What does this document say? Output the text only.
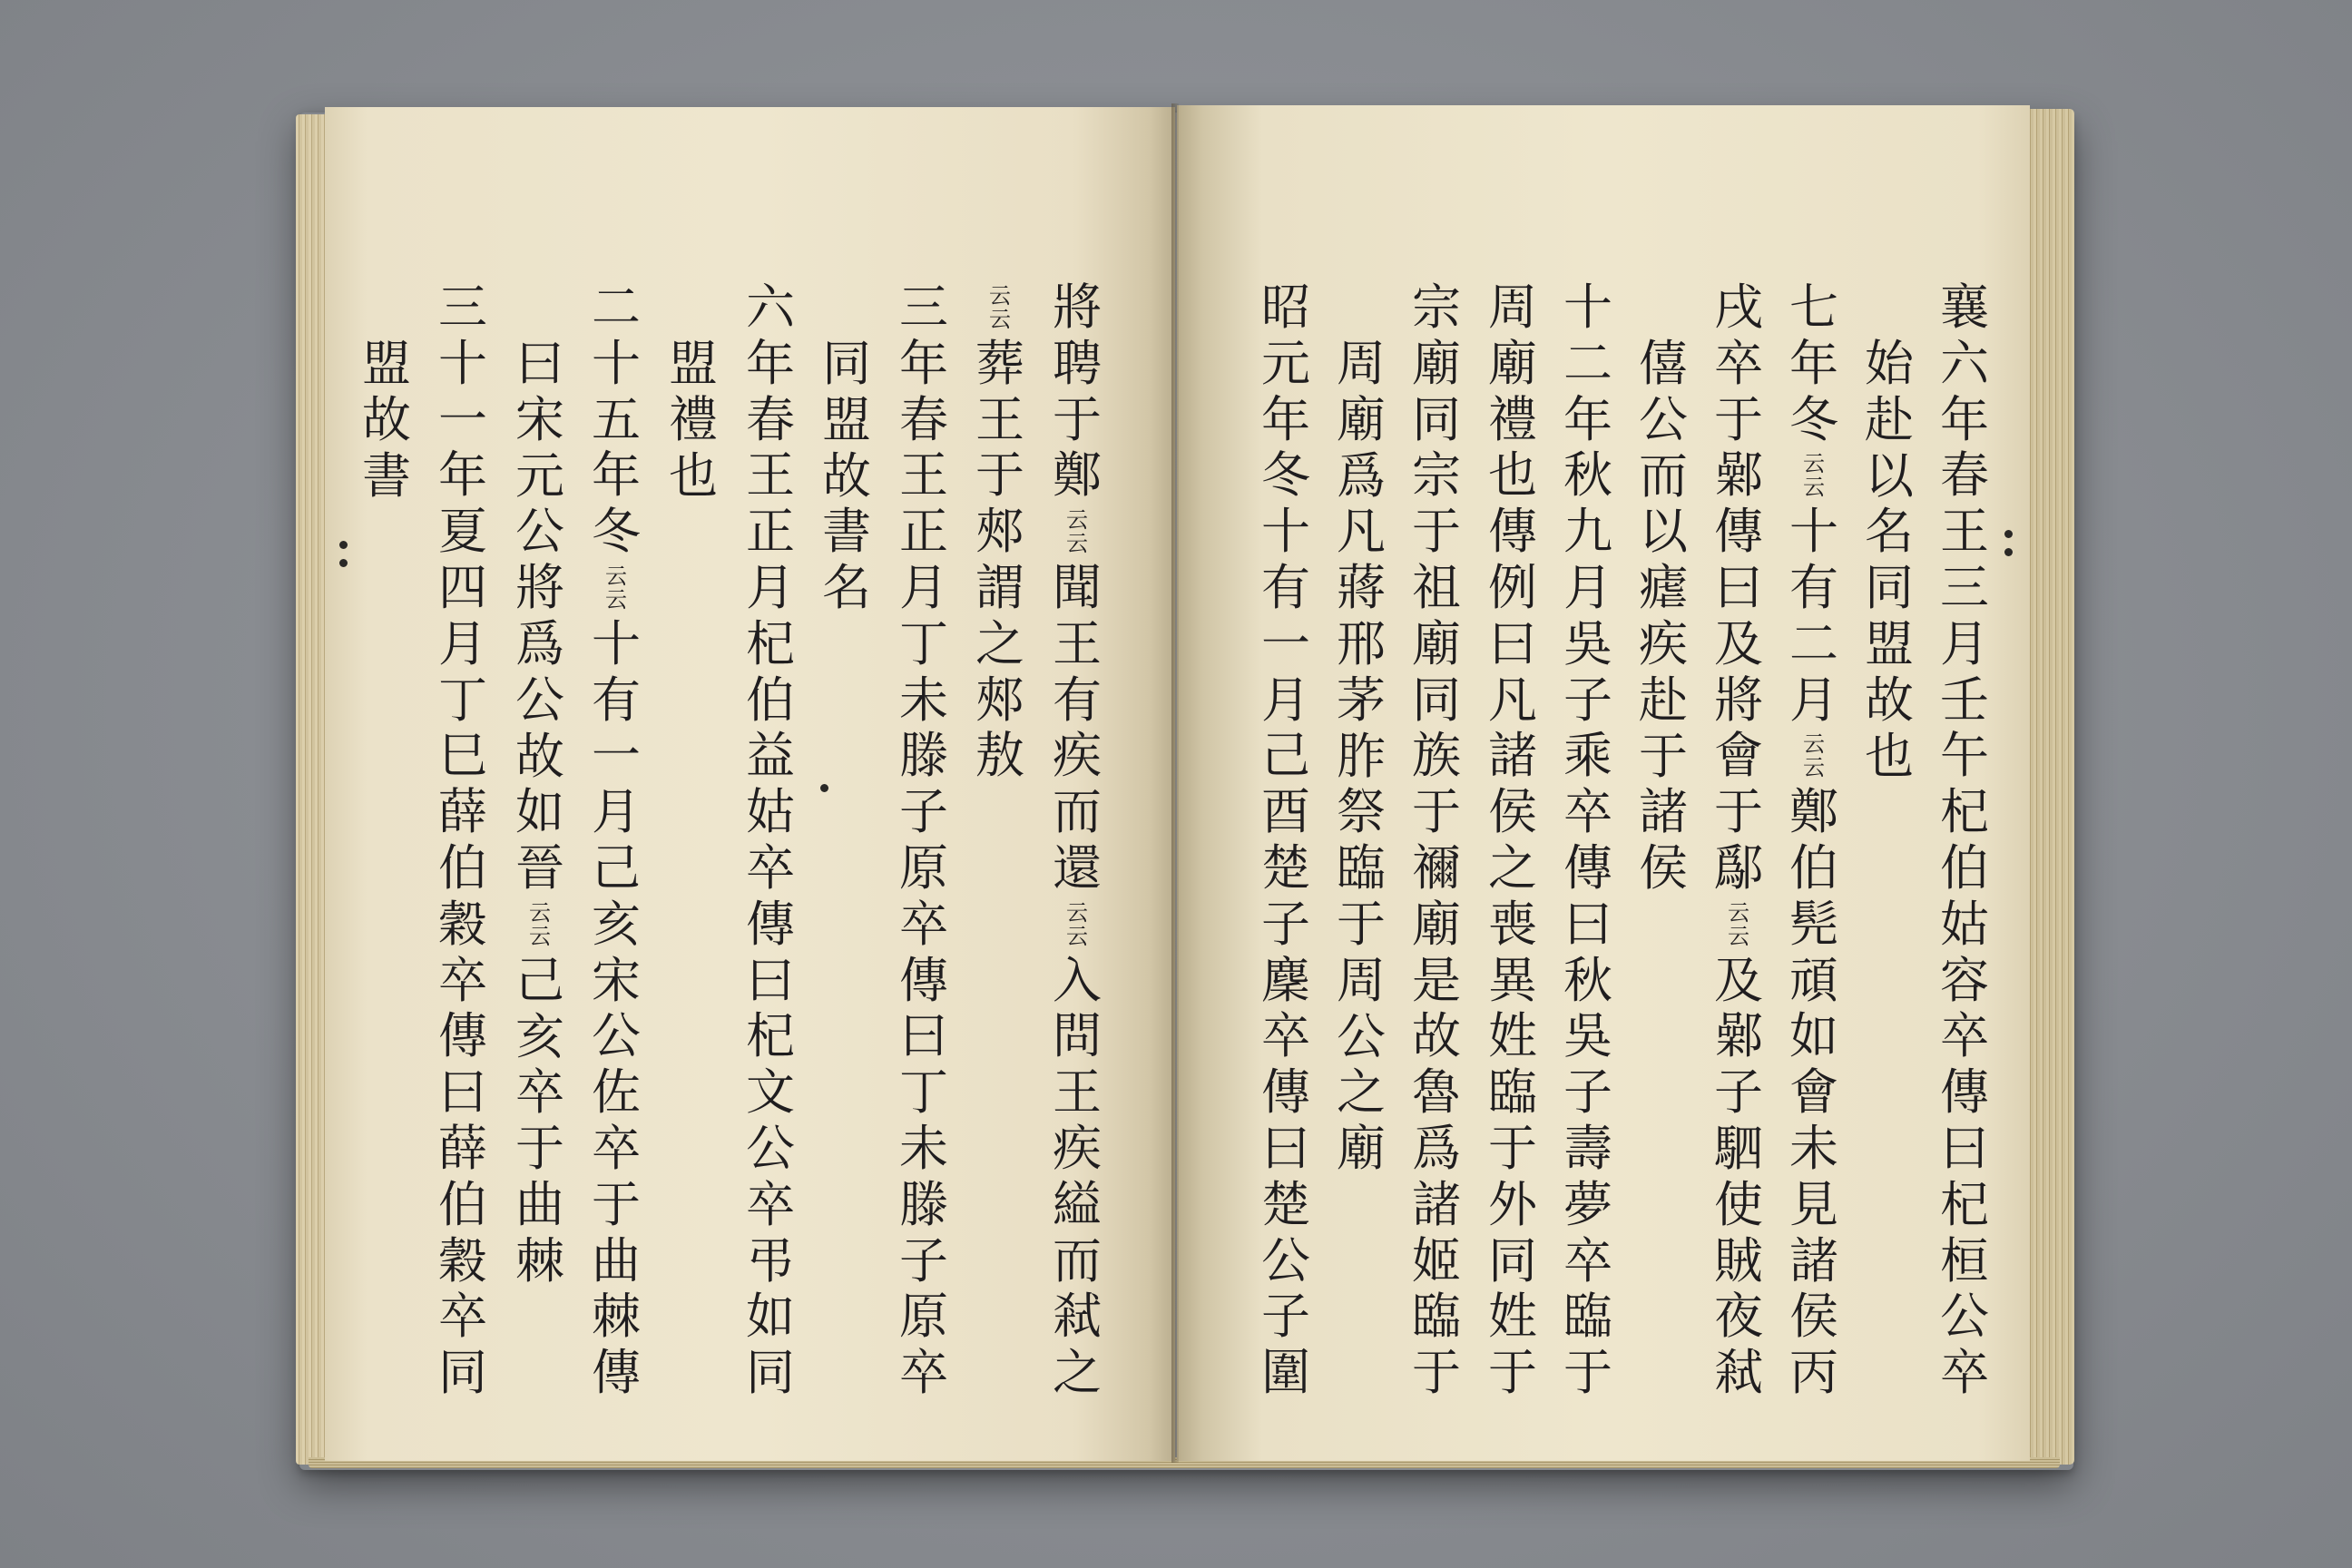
將
聘
于
鄭
云云
聞
王
有
疾
而
還
云云
入
問
王
疾
縊
而
弒
之
云云
葬
王
于
郟
謂
之
郟
敖
三
年
春
王
正
月
丁
未
滕
子
原
卒
傳
曰
丁
未
滕
子
原
卒
同
盟
故
書
名
六
年
春
王
正
月
杞
伯
益
姑
卒
傳
曰
杞
文
公
卒
弔
如
同
盟
禮
也
二
十
五
年
冬
云云
十
有
一
月
己
亥
宋
公
佐
卒
于
曲
棘
傳
曰
宋
元
公
將
爲
公
故
如
晉
云云
己
亥
卒
于
曲
棘
三
十
一
年
夏
四
月
丁
巳
薛
伯
穀
卒
傳
曰
薛
伯
穀
卒
同
盟
故
書
襄
六
年
春
王
三
月
壬
午
杞
伯
姑
容
卒
傳
曰
杞
桓
公
卒
始
赴
以
名
同
盟
故
也
七
年
冬
云云
十
有
二
月
云云
鄭
伯
髡
頑
如
會
未
見
諸
侯
丙
戌
卒
于
鄵
傳
曰
及
將
會
于
鄬
云云
及
鄵
子
駟
使
賊
夜
弒
僖
公
而
以
瘧
疾
赴
于
諸
侯
十
二
年
秋
九
月
吳
子
乘
卒
傳
曰
秋
吳
子
壽
夢
卒
臨
于
周
廟
禮
也
傳
例
曰
凡
諸
侯
之
喪
異
姓
臨
于
外
同
姓
于
宗
廟
同
宗
于
祖
廟
同
族
于
禰
廟
是
故
魯
爲
諸
姬
臨
于
周
廟
爲
凡
蔣
邢
茅
胙
祭
臨
于
周
公
之
廟
昭
元
年
冬
十
有
一
月
己
酉
楚
子
麇
卒
傳
曰
楚
公
子
圍
